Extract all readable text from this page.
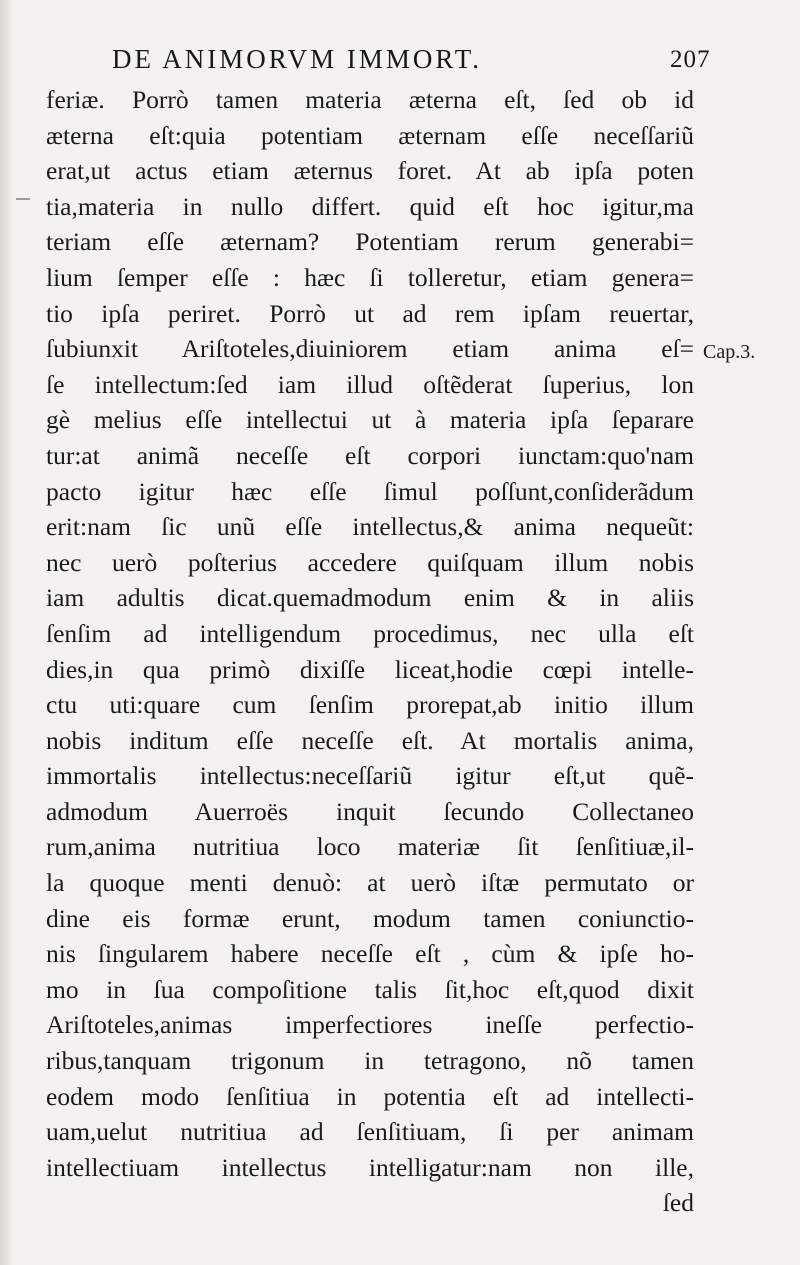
DE ANIMORVM IMMORT.	207
Cap.3.
feriæ. Porrò tamen materia æterna eſt, ſed ob id
æterna eſt:quia potentiam æternam eſſe neceſſariũ
erat,ut actus etiam æternus foret. At ab ipſa poten
tia,materia in nullo differt. quid eſt hoc igitur,ma
teriam eſſe æternam? Potentiam rerum generabi=
lium ſemper eſſe : hæc ſi tolleretur, etiam genera=
tio ipſa periret. Porrò ut ad rem ipſam reuertar,
ſubiunxit Ariſtoteles,diuiniorem etiam anima eſ=
ſe intellectum:ſed iam illud oſtẽderat ſuperius, lon
gè melius eſſe intellectui ut à materia ipſa ſeparare
tur:at animã neceſſe eſt corpori iunctam:quo'nam
pacto igitur hæc eſſe ſimul poſſunt,conſiderãdum
erit:nam ſic unũ eſſe intellectus,& anima nequeũt:
nec uerò poſterius accedere quiſquam illum nobis
iam adultis dicat.quemadmodum enim & in aliis
ſenſim ad intelligendum procedimus, nec ulla eſt
dies,in qua primò dixiſſe liceat,hodie cœpi intelle-
ctu uti:quare cum ſenſim prorepat,ab initio illum
nobis inditum eſſe neceſſe eſt. At mortalis anima,
immortalis intellectus:neceſſariũ igitur eſt,ut quẽ-
admodum Auerroës inquit ſecundo Collectaneo
rum,anima nutritiua loco materiæ ſit ſenſitiuæ,il-
la quoque menti denuò: at uerò iſtæ permutato or
dine eis formæ erunt, modum tamen coniunctio-
nis ſingularem habere neceſſe eſt , cùm & ipſe ho-
mo in ſua compoſitione talis ſit,hoc eſt,quod dixit
Ariſtoteles,animas imperfectiores ineſſe perfectio-
ribus,tanquam trigonum in tetragono, nõ tamen
eodem modo ſenſitiua in potentia eſt ad intellecti-
uam,uelut nutritiua ad ſenſitiuam, ſi per animam
intellectiuam intellectus intelligatur:nam non ille,
ſed
